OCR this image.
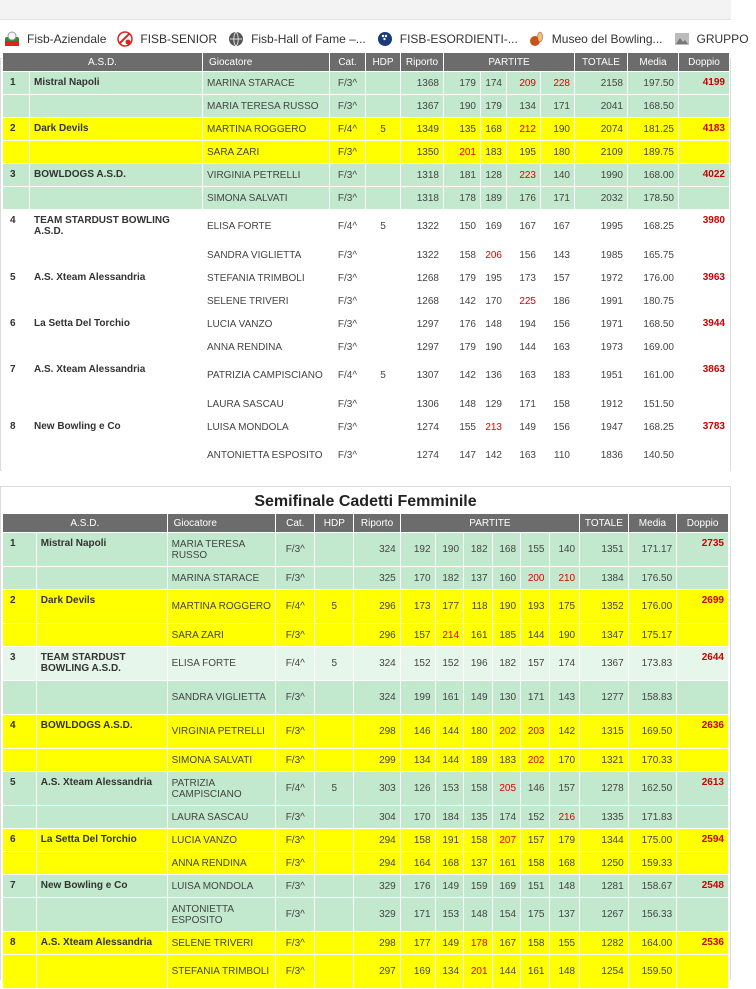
Fisb-Aziendale	FISB-SENIOR	Fisb-Hall of Fame –...	FISB-ESORDIENTI-...	Museo del Bowling...	GRUPPO
A.S.D.		Giocatore	Cat.	HDP	Riporto	PARTITE				TOTALE	Media	Doppio
1	Mistral Napoli	MARINA STARACE	F/3^		1368	179	174	209	228	2158	197.50	4199
		MARIA TERESA RUSSO	F/3^		1367	190	179	134	171	2041	168.50	
2	Dark Devils	MARTINA ROGGERO	F/4^	5	1349	135	168	212	190	2074	181.25	4183
		SARA ZARI	F/3^		1350	201	183	195	180	2109	189.75	
3	BOWLDOGS A.S.D.	VIRGINIA PETRELLI	F/3^		1318	181	128	223	140	1990	168.00	4022
		SIMONA SALVATI	F/3^		1318	178	189	176	171	2032	178.50	
4	TEAM STARDUST BOWLING A.S.D.	ELISA FORTE	F/4^	5	1322	150	169	167	167	1995	168.25	3980
		SANDRA VIGLIETTA	F/3^		1322	158	206	156	143	1985	165.75	
5	A.S. Xteam Alessandria	STEFANIA TRIMBOLI	F/3^		1268	179	195	173	157	1972	176.00	3963
		SELENE TRIVERI	F/3^		1268	142	170	225	186	1991	180.75	
6	La Setta Del Torchio	LUCIA VANZO	F/3^		1297	176	148	194	156	1971	168.50	3944
		ANNA RENDINA	F/3^		1297	179	190	144	163	1973	169.00	
7	A.S. Xteam Alessandria	PATRIZIA CAMPISCIANO	F/4^	5	1307	142	136	163	183	1951	161.00	3863
		LAURA SASCAU	F/3^		1306	148	129	171	158	1912	151.50	
8	New Bowling e Co	LUISA MONDOLA	F/3^		1274	155	213	149	156	1947	168.25	3783
		ANTONIETTA ESPOSITO	F/3^		1274	147	142	163	110	1836	140.50	
Semifinale Cadetti Femminile
A.S.D.		Giocatore	Cat.	HDP	Riporto	PARTITE						TOTALE	Media	Doppio
1	Mistral Napoli	MARIA TERESA RUSSO	F/3^		324	192	190	182	168	155	140	1351	171.17	2735
		MARINA STARACE	F/3^		325	170	182	137	160	200	210	1384	176.50	
2	Dark Devils	MARTINA ROGGERO	F/4^	5	296	173	177	118	190	193	175	1352	176.00	2699
		SARA ZARI	F/3^		296	157	214	161	185	144	190	1347	175.17	
3	TEAM STARDUST BOWLING A.S.D.	ELISA FORTE	F/4^	5	324	152	152	196	182	157	174	1367	173.83	2644
		SANDRA VIGLIETTA	F/3^		324	199	161	149	130	171	143	1277	158.83	
4	BOWLDOGS A.S.D.	VIRGINIA PETRELLI	F/3^		298	146	144	180	202	203	142	1315	169.50	2636
		SIMONA SALVATI	F/3^		299	134	144	189	183	202	170	1321	170.33	
5	A.S. Xteam Alessandria	PATRIZIA CAMPISCIANO	F/4^	5	303	126	153	158	205	146	157	1278	162.50	2613
		LAURA SASCAU	F/3^		304	170	184	135	174	152	216	1335	171.83	
6	La Setta Del Torchio	LUCIA VANZO	F/3^		294	158	191	158	207	157	179	1344	175.00	2594
		ANNA RENDINA	F/3^		294	164	168	137	161	158	168	1250	159.33	
7	New Bowling e Co	LUISA MONDOLA	F/3^		329	176	149	159	169	151	148	1281	158.67	2548
		ANTONIETTA ESPOSITO	F/3^		329	171	153	148	154	175	137	1267	156.33	
8	A.S. Xteam Alessandria	SELENE TRIVERI	F/3^		298	177	149	178	167	158	155	1282	164.00	2536
		STEFANIA TRIMBOLI	F/3^		297	169	134	201	144	161	148	1254	159.50	
